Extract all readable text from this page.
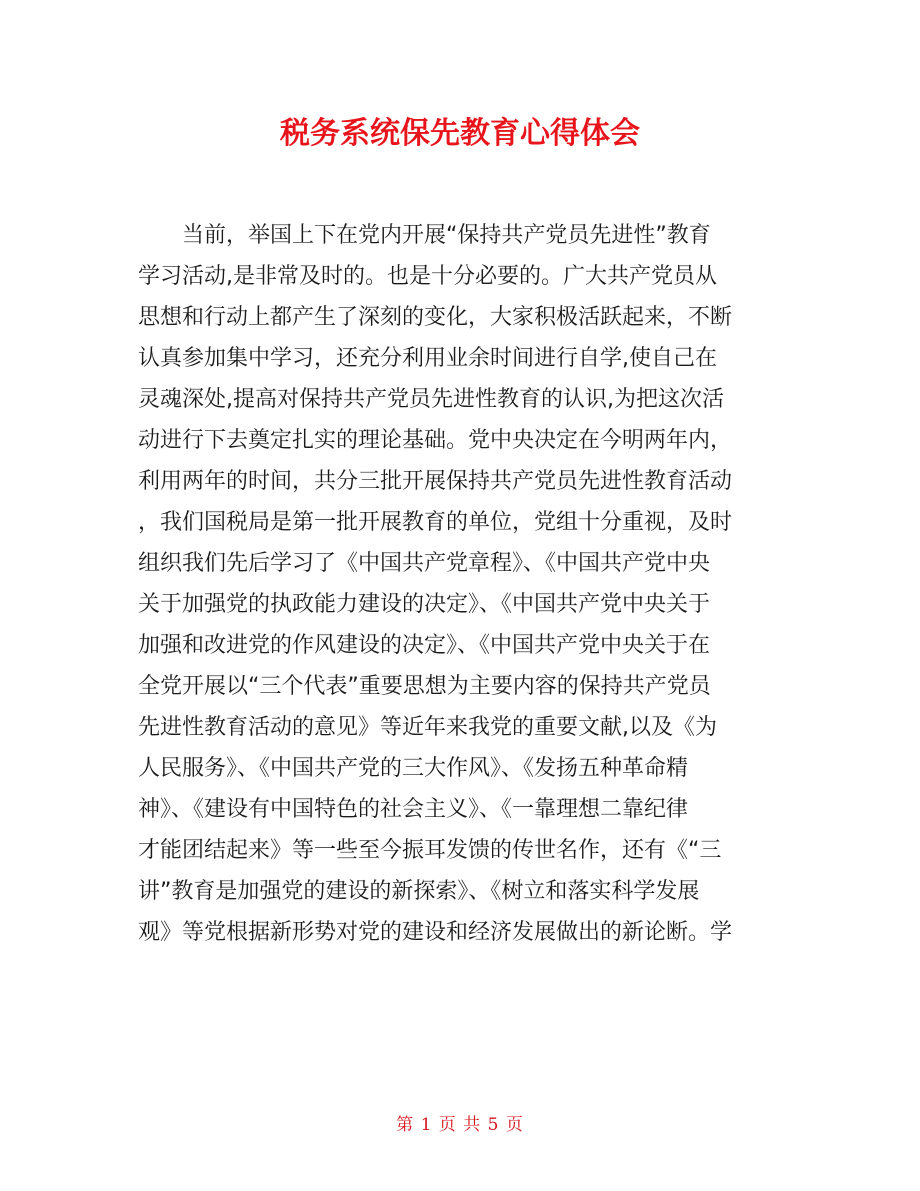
税务系统保先教育心得体会
当前，举国上下在党内开展“保持共产党员先进性”教育
学习活动,是非常及时的。也是十分必要的。广大共产党员从
思想和行动上都产生了深刻的变化，大家积极活跃起来，不断
认真参加集中学习，还充分利用业余时间进行自学,使自己在
灵魂深处,提高对保持共产党员先进性教育的认识,为把这次活
动进行下去奠定扎实的理论基础。党中央决定在今明两年内，
利用两年的时间，共分三批开展保持共产党员先进性教育活动
，我们国税局是第一批开展教育的单位，党组十分重视，及时
组织我们先后学习了《中国共产党章程》、《中国共产党中央
关于加强党的执政能力建设的决定》、《中国共产党中央关于
加强和改进党的作风建设的决定》、《中国共产党中央关于在
全党开展以“三个代表”重要思想为主要内容的保持共产党员
先进性教育活动的意见》等近年来我党的重要文献,以及《为
人民服务》、《中国共产党的三大作风》、《发扬五种革命精
神》、《建设有中国特色的社会主义》、《一靠理想二靠纪律
才能团结起来》等一些至今振耳发馈的传世名作，还有《“三
讲”教育是加强党的建设的新探索》、《树立和落实科学发展
观》等党根据新形势对党的建设和经济发展做出的新论断。学
第 1 页 共 5 页
